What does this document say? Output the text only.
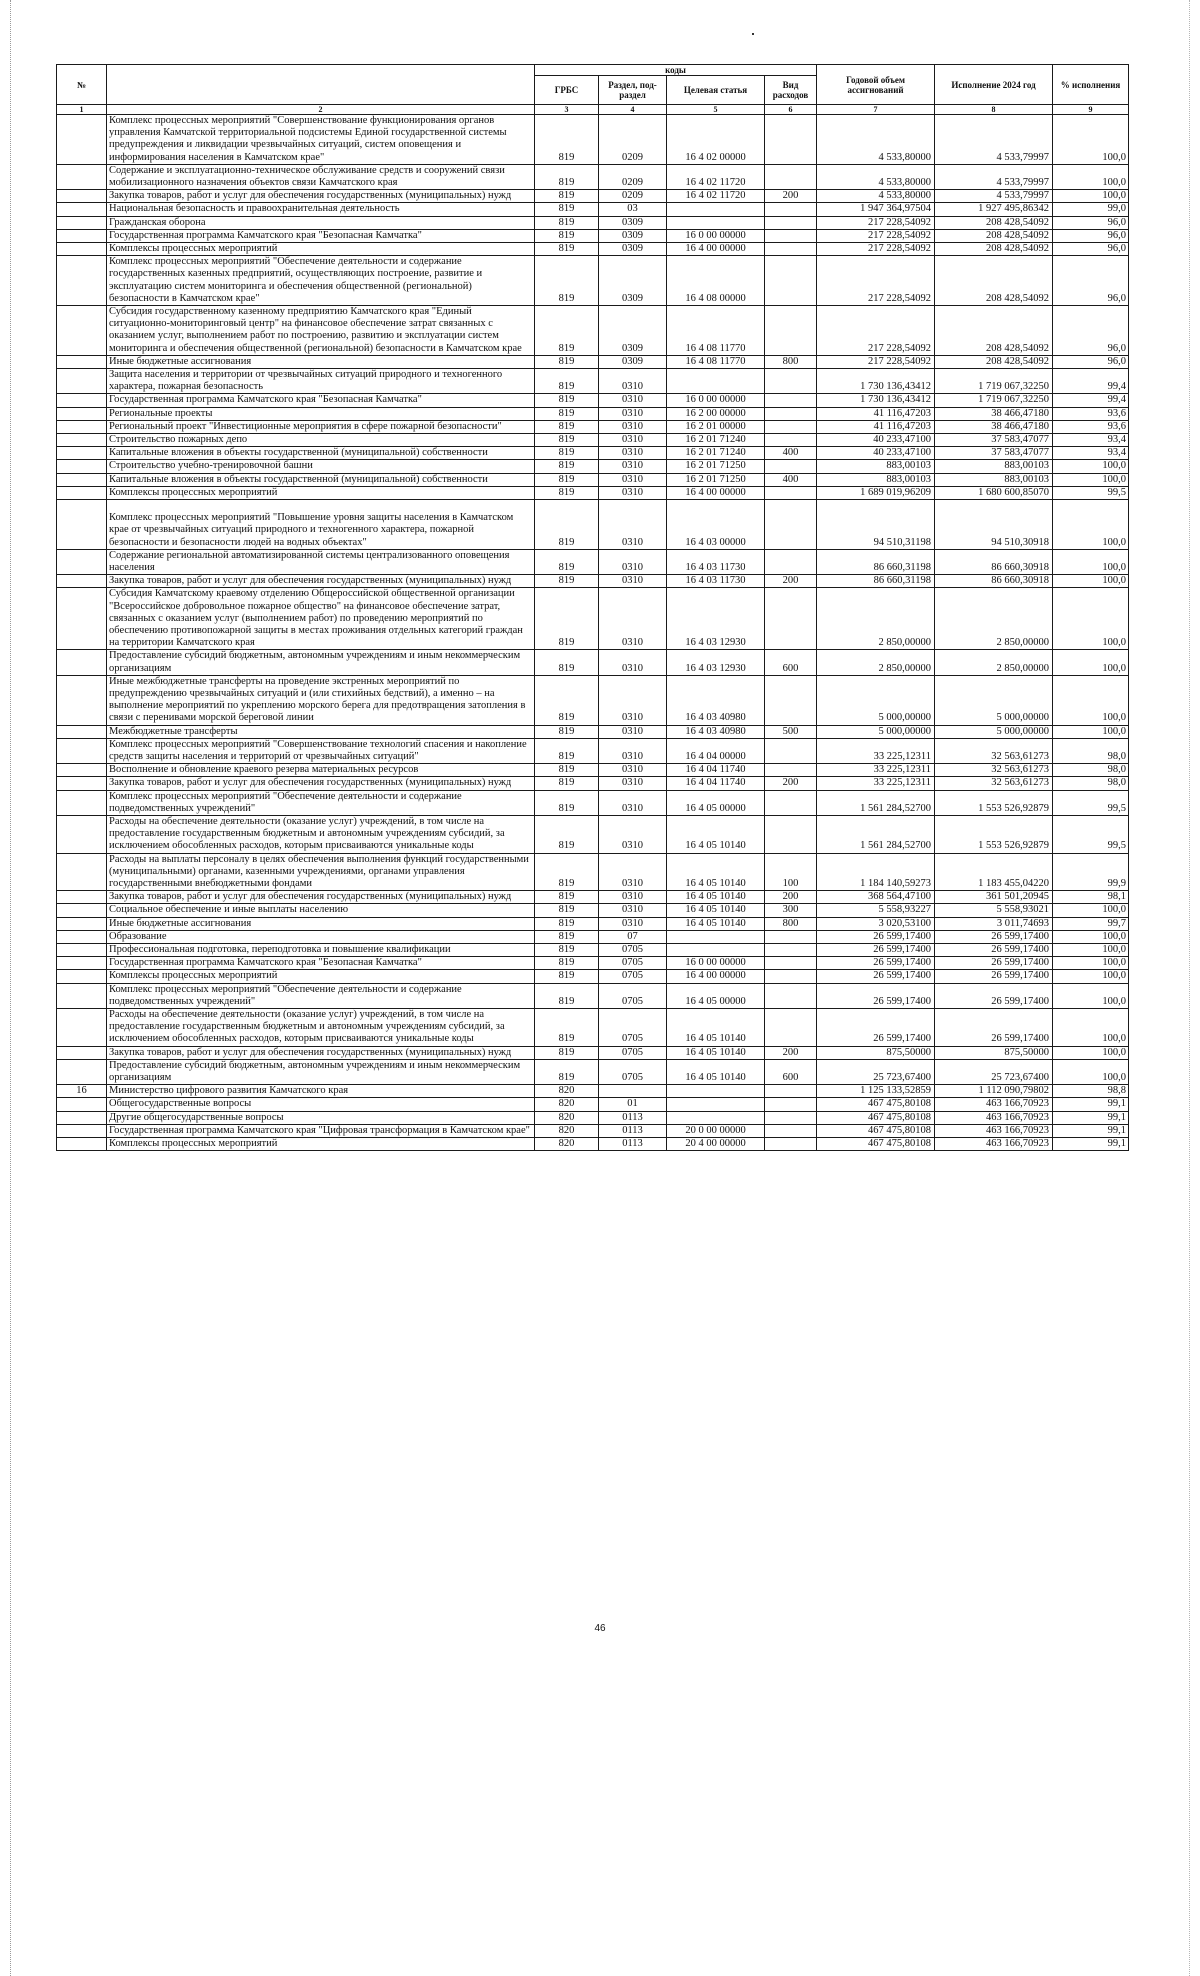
№		коды				Годовой объем ассигнований	Исполнение 2024 год	% исполнения
		ГРБС	Раздел, под-раздел	Целевая статья	Вид расходов			
1	2	3	4	5	6	7	8	9
	Комплекс процессных мероприятий "Совершенствование функционирования органов управления Камчатской территориальной подсистемы Единой государственной системы предупреждения и ликвидации чрезвычайных ситуаций, систем оповещения и информирования населения в Камчатском крае"	819	0209	16 4 02 00000		4 533,80000	4 533,79997	100,0
	Содержание и эксплуатационно-техническое обслуживание средств и сооружений связи мобилизационного назначения объектов связи Камчатского края	819	0209	16 4 02 11720		4 533,80000	4 533,79997	100,0
	Закупка товаров, работ и услуг для обеспечения государственных (муниципальных) нужд	819	0209	16 4 02 11720	200	4 533,80000	4 533,79997	100,0
	Национальная безопасность и правоохранительная деятельность	819	03			1 947 364,97504	1 927 495,86342	99,0
	Гражданская оборона	819	0309			217 228,54092	208 428,54092	96,0
	Государственная программа Камчатского края "Безопасная Камчатка"	819	0309	16 0 00 00000		217 228,54092	208 428,54092	96,0
	Комплексы процессных мероприятий	819	0309	16 4 00 00000		217 228,54092	208 428,54092	96,0
	Комплекс процессных мероприятий "Обеспечение деятельности и содержание государственных казенных предприятий, осуществляющих построение, развитие и эксплуатацию систем мониторинга и обеспечения общественной (региональной) безопасности в Камчатском крае"	819	0309	16 4 08 00000		217 228,54092	208 428,54092	96,0
	Субсидия государственному казенному предприятию Камчатского края "Единый ситуационно-мониторинговый центр" на финансовое обеспечение затрат связанных с оказанием услуг, выполнением работ по построению, развитию и эксплуатации систем мониторинга и обеспечения общественной (региональной) безопасности в Камчатском крае	819	0309	16 4 08 11770		217 228,54092	208 428,54092	96,0
	Иные бюджетные ассигнования	819	0309	16 4 08 11770	800	217 228,54092	208 428,54092	96,0
	Защита населения и территории от чрезвычайных ситуаций природного и техногенного характера, пожарная безопасность	819	0310			1 730 136,43412	1 719 067,32250	99,4
	Государственная программа Камчатского края "Безопасная Камчатка"	819	0310	16 0 00 00000		1 730 136,43412	1 719 067,32250	99,4
	Региональные проекты	819	0310	16 2 00 00000		41 116,47203	38 466,47180	93,6
	Региональный проект "Инвестиционные мероприятия в сфере пожарной безопасности"	819	0310	16 2 01 00000		41 116,47203	38 466,47180	93,6
	Строительство пожарных депо	819	0310	16 2 01 71240		40 233,47100	37 583,47077	93,4
	Капитальные вложения в объекты государственной (муниципальной) собственности	819	0310	16 2 01 71240	400	40 233,47100	37 583,47077	93,4
	Строительство учебно-тренировочной башни	819	0310	16 2 01 71250		883,00103	883,00103	100,0
	Капитальные вложения в объекты государственной (муниципальной) собственности	819	0310	16 2 01 71250	400	883,00103	883,00103	100,0
	Комплексы процессных мероприятий	819	0310	16 4 00 00000		1 689 019,96209	1 680 600,85070	99,5
	Комплекс процессных мероприятий "Повышение уровня защиты населения в Камчатском крае от чрезвычайных ситуаций природного и техногенного характера, пожарной безопасности и безопасности людей на водных объектах"	819	0310	16 4 03 00000		94 510,31198	94 510,30918	100,0
	Содержание региональной автоматизированной системы централизованного оповещения населения	819	0310	16 4 03 11730		86 660,31198	86 660,30918	100,0
	Закупка товаров, работ и услуг для обеспечения государственных (муниципальных) нужд	819	0310	16 4 03 11730	200	86 660,31198	86 660,30918	100,0
	Субсидия Камчатскому краевому отделению Общероссийской общественной организации "Всероссийское добровольное пожарное общество" на финансовое обеспечение затрат, связанных с оказанием услуг (выполнением работ) по проведению мероприятий по обеспечению противопожарной защиты в местах проживания отдельных категорий граждан на территории Камчатского края	819	0310	16 4 03 12930		2 850,00000	2 850,00000	100,0
	Предоставление субсидий бюджетным, автономным учреждениям и иным некоммерческим организациям	819	0310	16 4 03 12930	600	2 850,00000	2 850,00000	100,0
	Иные межбюджетные трансферты на проведение экстренных мероприятий по предупреждению чрезвычайных ситуаций и (или стихийных бедствий), а именно – на выполнение мероприятий по укреплению морского берега для предотвращения затопления в связи с перенивами морской береговой линии	819	0310	16 4 03 40980		5 000,00000	5 000,00000	100,0
	Межбюджетные трансферты	819	0310	16 4 03 40980	500	5 000,00000	5 000,00000	100,0
	Комплекс процессных мероприятий "Совершенствование технологий спасения и накопление средств защиты населения и территорий от чрезвычайных ситуаций"	819	0310	16 4 04 00000		33 225,12311	32 563,61273	98,0
	Восполнение и обновление краевого резерва материальных ресурсов	819	0310	16 4 04 11740		33 225,12311	32 563,61273	98,0
	Закупка товаров, работ и услуг для обеспечения государственных (муниципальных) нужд	819	0310	16 4 04 11740	200	33 225,12311	32 563,61273	98,0
	Комплекс процессных мероприятий "Обеспечение деятельности и содержание подведомственных учреждений"	819	0310	16 4 05 00000		1 561 284,52700	1 553 526,92879	99,5
	Расходы на обеспечение деятельности (оказание услуг) учреждений, в том числе на предоставление государственным бюджетным и автономным учреждениям субсидий, за исключением обособленных расходов, которым присваиваются уникальные коды	819	0310	16 4 05 10140		1 561 284,52700	1 553 526,92879	99,5
	Расходы на выплаты персоналу в целях обеспечения выполнения функций государственными (муниципальными) органами, казенными учреждениями, органами управления государственными внебюджетными фондами	819	0310	16 4 05 10140	100	1 184 140,59273	1 183 455,04220	99,9
	Закупка товаров, работ и услуг для обеспечения государственных (муниципальных) нужд	819	0310	16 4 05 10140	200	368 564,47100	361 501,20945	98,1
	Социальное обеспечение и иные выплаты населению	819	0310	16 4 05 10140	300	5 558,93227	5 558,93021	100,0
	Иные бюджетные ассигнования	819	0310	16 4 05 10140	800	3 020,53100	3 011,74693	99,7
	Образование	819	07			26 599,17400	26 599,17400	100,0
	Профессиональная подготовка, переподготовка и повышение квалификации	819	0705			26 599,17400	26 599,17400	100,0
	Государственная программа Камчатского края "Безопасная Камчатка"	819	0705	16 0 00 00000		26 599,17400	26 599,17400	100,0
	Комплексы процессных мероприятий	819	0705	16 4 00 00000		26 599,17400	26 599,17400	100,0
	Комплекс процессных мероприятий "Обеспечение деятельности и содержание подведомственных учреждений"	819	0705	16 4 05 00000		26 599,17400	26 599,17400	100,0
	Расходы на обеспечение деятельности (оказание услуг) учреждений, в том числе на предоставление государственным бюджетным и автономным учреждениям субсидий, за исключением обособленных расходов, которым присваиваются уникальные коды	819	0705	16 4 05 10140		26 599,17400	26 599,17400	100,0
	Закупка товаров, работ и услуг для обеспечения государственных (муниципальных) нужд	819	0705	16 4 05 10140	200	875,50000	875,50000	100,0
	Предоставление субсидий бюджетным, автономным учреждениям и иным некоммерческим организациям	819	0705	16 4 05 10140	600	25 723,67400	25 723,67400	100,0
16	Министерство цифрового развития Камчатского края	820				1 125 133,52859	1 112 090,79802	98,8
	Общегосударственные вопросы	820	01			467 475,80108	463 166,70923	99,1
	Другие общегосударственные вопросы	820	0113			467 475,80108	463 166,70923	99,1
	Государственная программа Камчатского края "Цифровая трансформация в Камчатском крае"	820	0113	20 0 00 00000		467 475,80108	463 166,70923	99,1
	Комплексы процессных мероприятий	820	0113	20 4 00 00000		467 475,80108	463 166,70923	99,1
46
